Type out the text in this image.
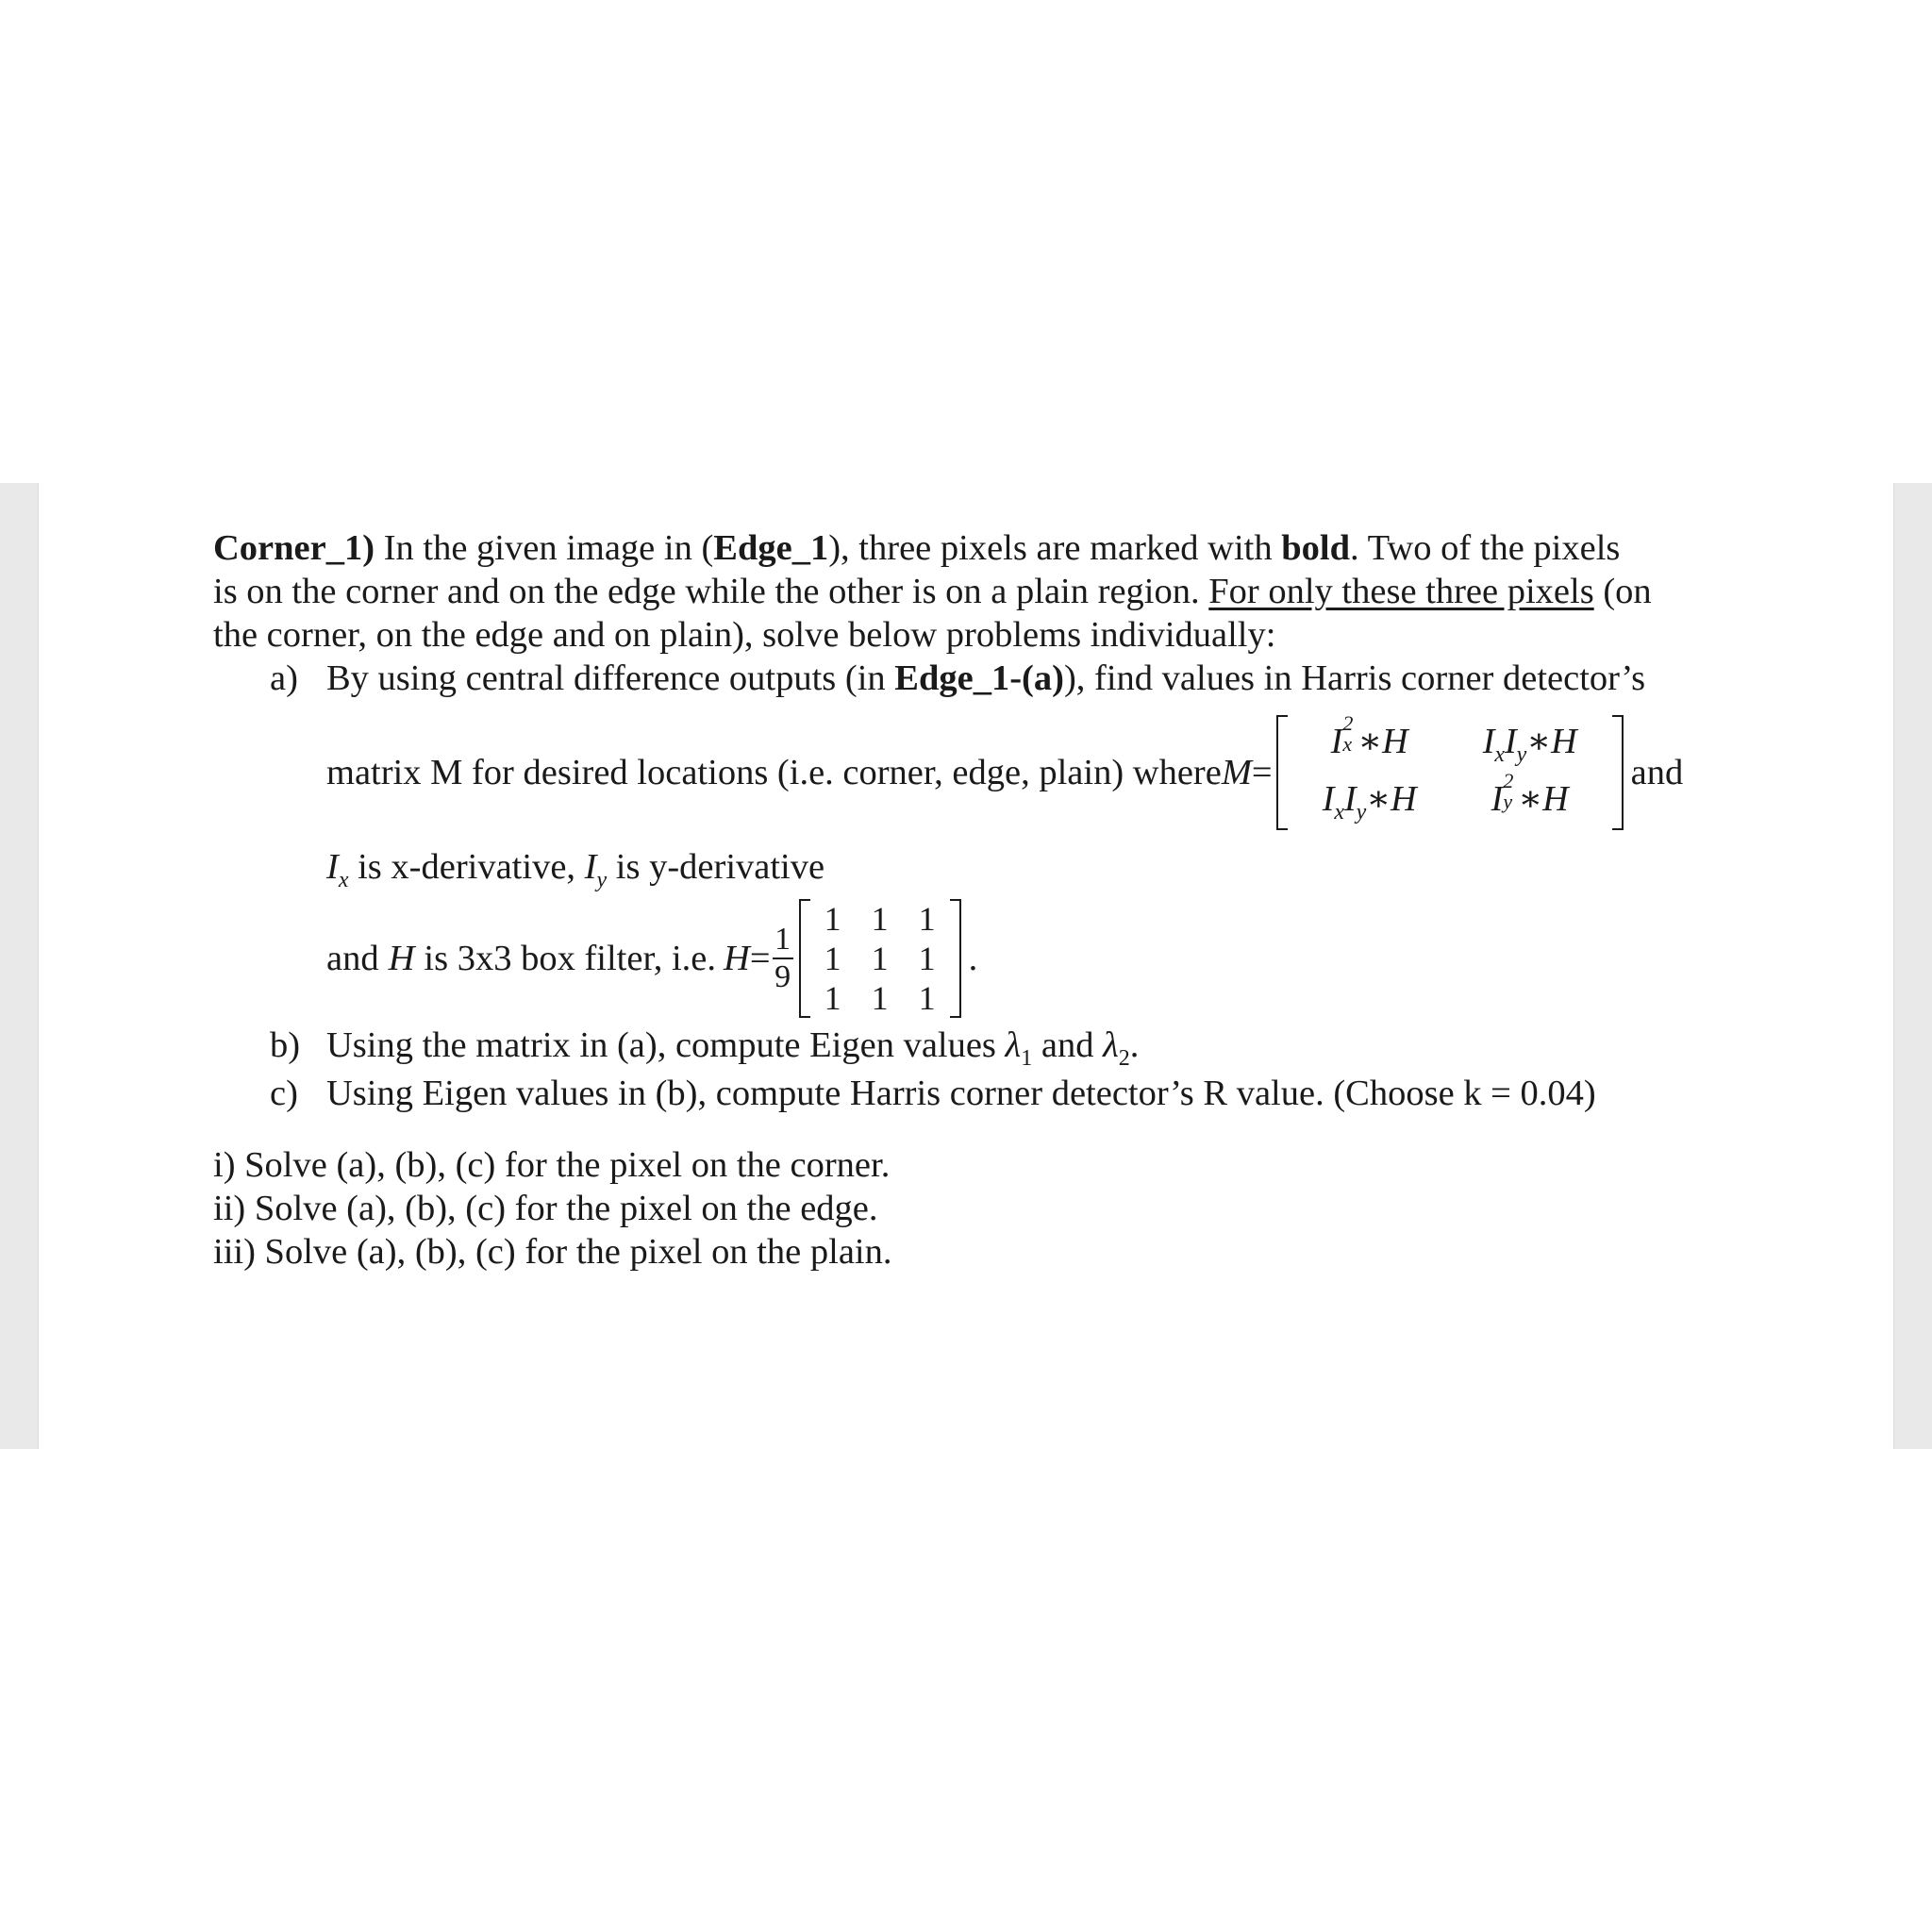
Corner_1) In the given image in (Edge_1), three pixels are marked with bold. Two of the pixels
is on the corner and on the edge while the other is on a plain region. For only these three pixels (on
the corner, on the edge and on plain), solve below problems individually:

a) By using central difference outputs (in Edge_1-(a)), find values in Harris corner detector’s
matrix M for desired locations (i.e. corner, edge, plain) where M =
I 2
x ∗H	$I_xI_y∗H$
$I_xI_y∗H$	I 2
y ∗H
and
$I_x$ is x-derivative, $I_y$ is y-derivative
and H is 3x3 box filter, i.e. $H = \frac{1}{9}$
1 1 1
1 1 1
1 1 1
.
b) Using the matrix in (a), compute Eigen values $\lambda_1$ and $\lambda_2$.
c) Using Eigen values in (b), compute Harris corner detector’s R value. (Choose k = 0.04)
i) Solve (a), (b), (c) for the pixel on the corner.
ii) Solve (a), (b), (c) for the pixel on the edge.
iii) Solve (a), (b), (c) for the pixel on the plain.
